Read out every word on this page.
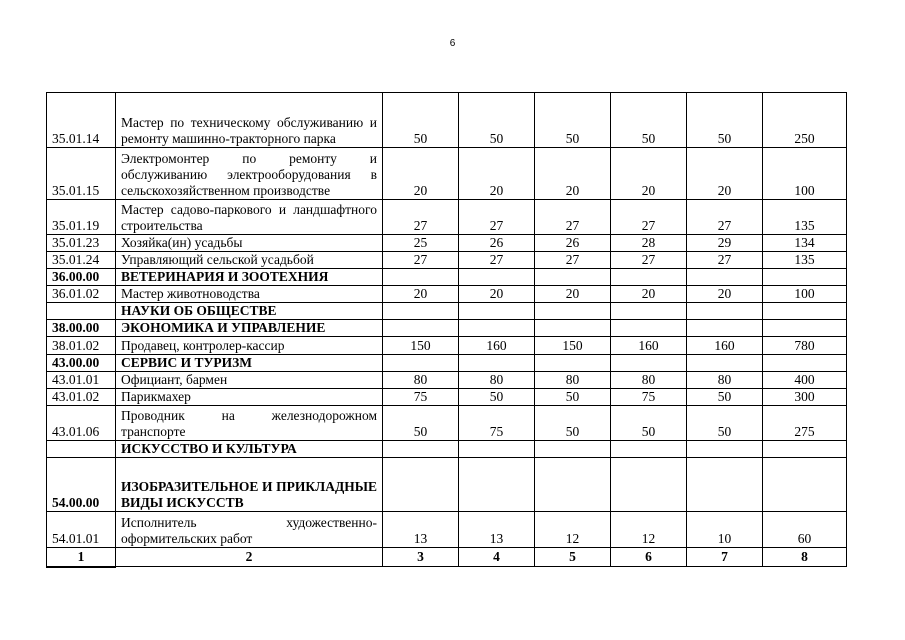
6
35.01.14	Мастер по техническому обслуживанию и ремонту машинно-тракторного парка	50	50	50	50	50	250
35.01.15	Электромонтер по ремонту и обслуживанию электрооборудования в сельскохозяйственном производстве	20	20	20	20	20	100
35.01.19	Мастер садово-паркового и ландшафтного строительства	27	27	27	27	27	135
35.01.23	Хозяйка(ин) усадьбы	25	26	26	28	29	134
35.01.24	Управляющий сельской усадьбой	27	27	27	27	27	135
36.00.00	ВЕТЕРИНАРИЯ И ЗООТЕХНИЯ						
36.01.02	Мастер животноводства	20	20	20	20	20	100
	НАУКИ ОБ ОБЩЕСТВЕ						
38.00.00	ЭКОНОМИКА И УПРАВЛЕНИЕ						
38.01.02	Продавец, контролер-кассир	150	160	150	160	160	780
43.00.00	СЕРВИС И ТУРИЗМ						
43.01.01	Официант, бармен	80	80	80	80	80	400
43.01.02	Парикмахер	75	50	50	75	50	300
43.01.06	Проводник на железнодорожном транспорте	50	75	50	50	50	275
	ИСКУССТВО И КУЛЬТУРА						
54.00.00	ИЗОБРАЗИТЕЛЬНОЕ И ПРИКЛАДНЫЕ ВИДЫ ИСКУССТВ						
54.01.01	Исполнитель художественно-оформительских работ	13	13	12	12	10	60
1	2	3	4	5	6	7	8
